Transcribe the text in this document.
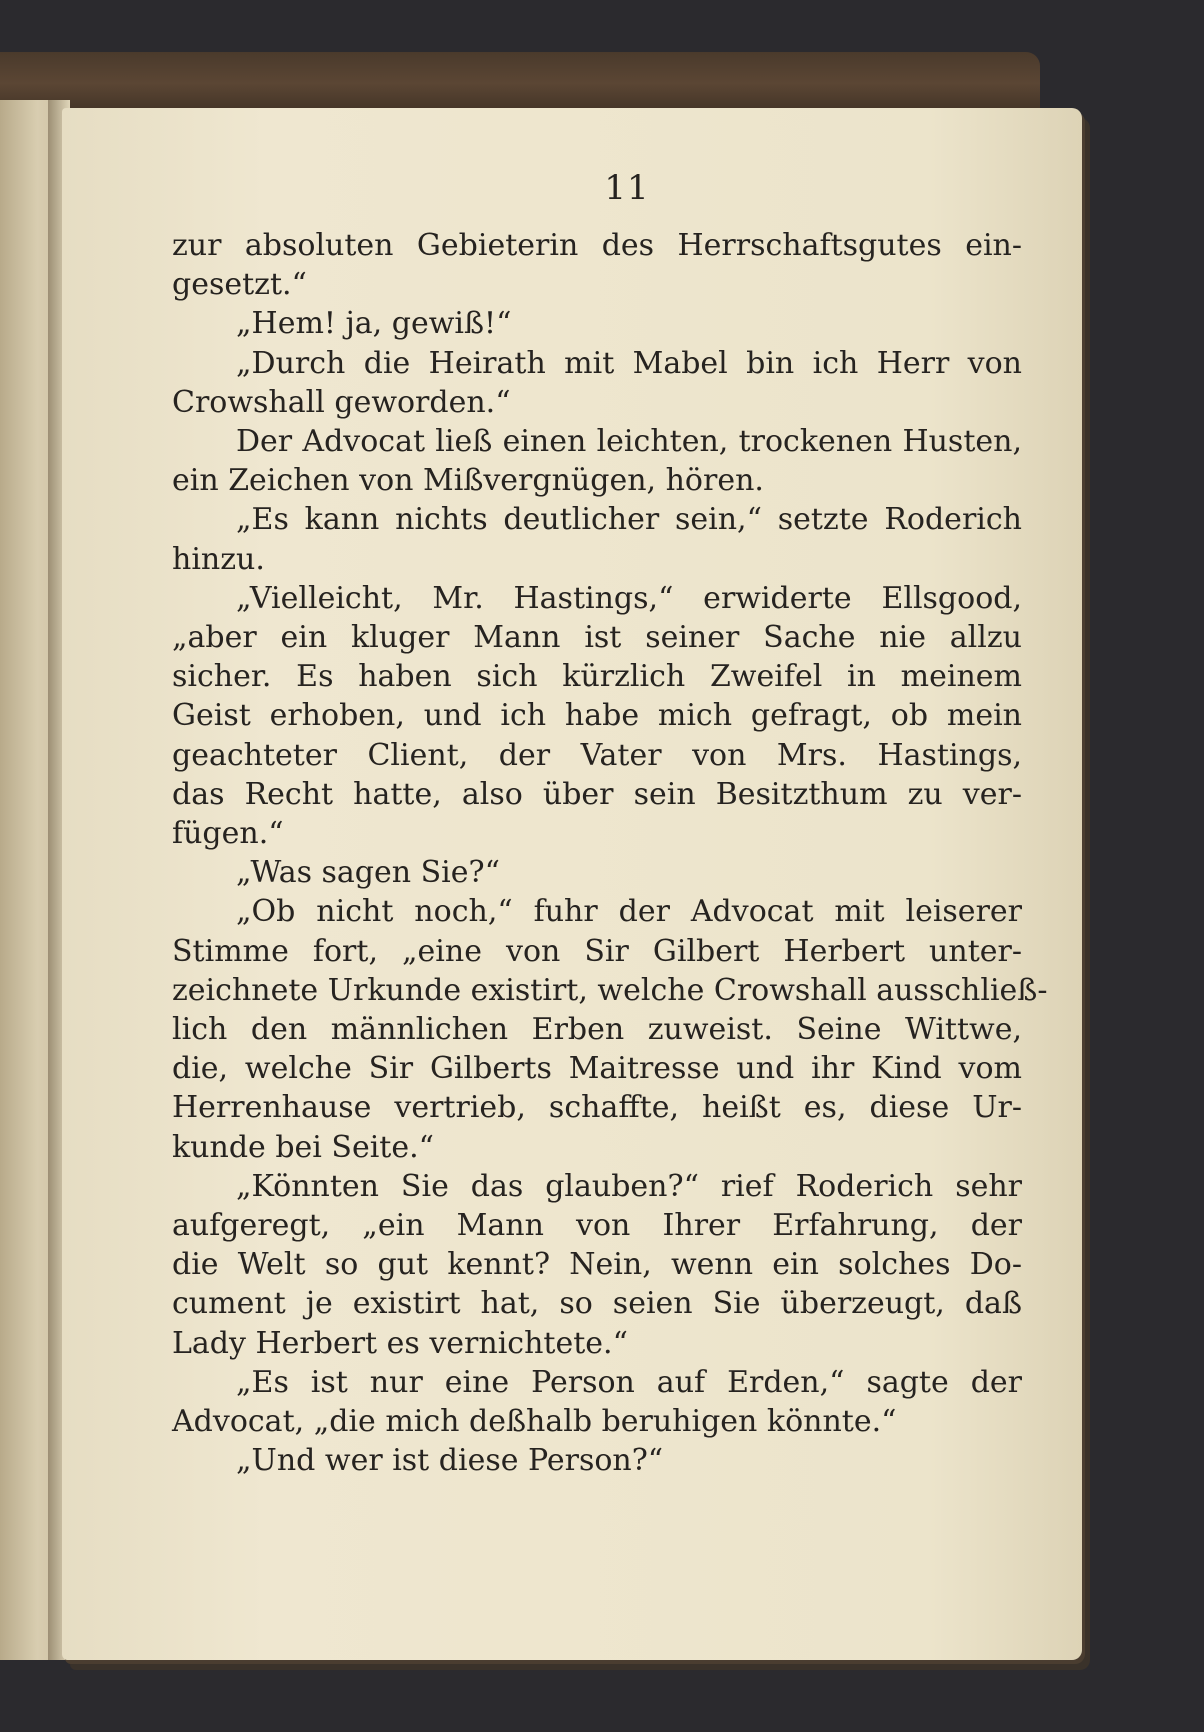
11
zur absoluten Gebieterin des Herrschaftsgutes ein-
gesetzt.“
„Hem! ja, gewiß!“
„Durch die Heirath mit Mabel bin ich Herr von
Crowshall geworden.“
Der Advocat ließ einen leichten, trockenen Husten,
ein Zeichen von Mißvergnügen, hören.
„Es kann nichts deutlicher sein,“ setzte Roderich
hinzu.
„Vielleicht, Mr. Hastings,“ erwiderte Ellsgood,
„aber ein kluger Mann ist seiner Sache nie allzu
sicher. Es haben sich kürzlich Zweifel in meinem
Geist erhoben, und ich habe mich gefragt, ob mein
geachteter Client, der Vater von Mrs. Hastings,
das Recht hatte, also über sein Besitzthum zu ver-
fügen.“
„Was sagen Sie?“
„Ob nicht noch,“ fuhr der Advocat mit leiserer
Stimme fort, „eine von Sir Gilbert Herbert unter-
zeichnete Urkunde existirt, welche Crowshall ausschließ-
lich den männlichen Erben zuweist. Seine Wittwe,
die, welche Sir Gilberts Maitresse und ihr Kind vom
Herrenhause vertrieb, schaffte, heißt es, diese Ur-
kunde bei Seite.“
„Könnten Sie das glauben?“ rief Roderich sehr
aufgeregt, „ein Mann von Ihrer Erfahrung, der
die Welt so gut kennt? Nein, wenn ein solches Do-
cument je existirt hat, so seien Sie überzeugt, daß
Lady Herbert es vernichtete.“
„Es ist nur eine Person auf Erden,“ sagte der
Advocat, „die mich deßhalb beruhigen könnte.“
„Und wer ist diese Person?“
